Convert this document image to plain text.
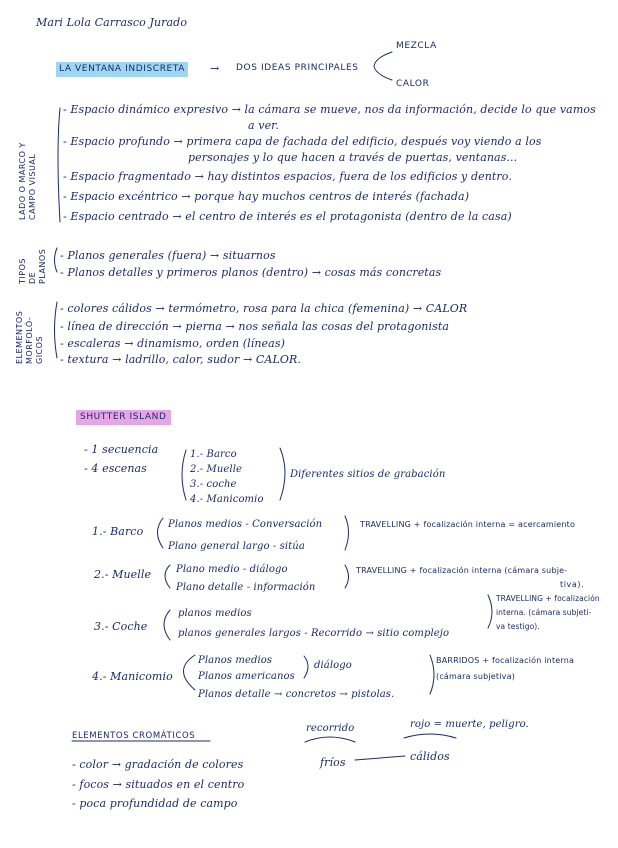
Mari Lola Carrasco Jurado
LA VENTANA INDISCRETA → DOS IDEAS PRINCIPALES
MEZCLA
CALOR
LADO O MARCO Y
CAMPO VISUAL
- Espacio dinámico expresivo → la cámara se mueve, nos da información, decide lo que vamos
a ver.
- Espacio profundo → primera capa de fachada del edificio, después voy viendo a los
personajes y lo que hacen a través de puertas, ventanas...
- Espacio fragmentado → hay distintos espacios, fuera de los edificios y dentro.
- Espacio excéntrico → porque hay muchos centros de interés (fachada)
- Espacio centrado → el centro de interés es el protagonista (dentro de la casa)
TIPOS DE
PLANOS - Planos generales (fuera) → situarnos
- Planos detalles y primeros planos (dentro) → cosas más concretas
ELEMENTOS
MORFOLÓ-
GICOS
- colores cálidos → termómetro, rosa para la chica (femenina) → CALOR
- línea de dirección → pierna → nos señala las cosas del protagonista
- escaleras → dinamismo, orden (líneas)
- textura → ladrillo, calor, sudor → CALOR.
SHUTTER ISLAND
- 1 secuencia
- 4 escenas
1.- Barco
2.- Muelle
3.- coche
4.- Manicomio
Diferentes sitios de grabación
1.- Barco
Planos medios - Conversación
Plano general largo - sitúa
TRAVELLING + focalización interna = acercamiento
2.- Muelle Plano medio - diálogo
Plano detalle - información
TRAVELLING + focalización interna (cámara subje-
tiva).
3.- Coche
planos medios
planos generales largos - Recorrido → sitio complejo
TRAVELLING + focalización
interna. (cámara subjeti-
va testigo).
4.- Manicomio
Planos medios
Planos americanos
Planos detalle → concretos → pistolas.
diálogo	BARRIDOS + focalización interna
(cámara subjetiva)
ELEMENTOS CROMÁTICOS
- color → gradación de colores
- focos → situados en el centro
- poca profundidad de campo
recorrido
fríos
rojo = muerte, peligro.
cálidos
